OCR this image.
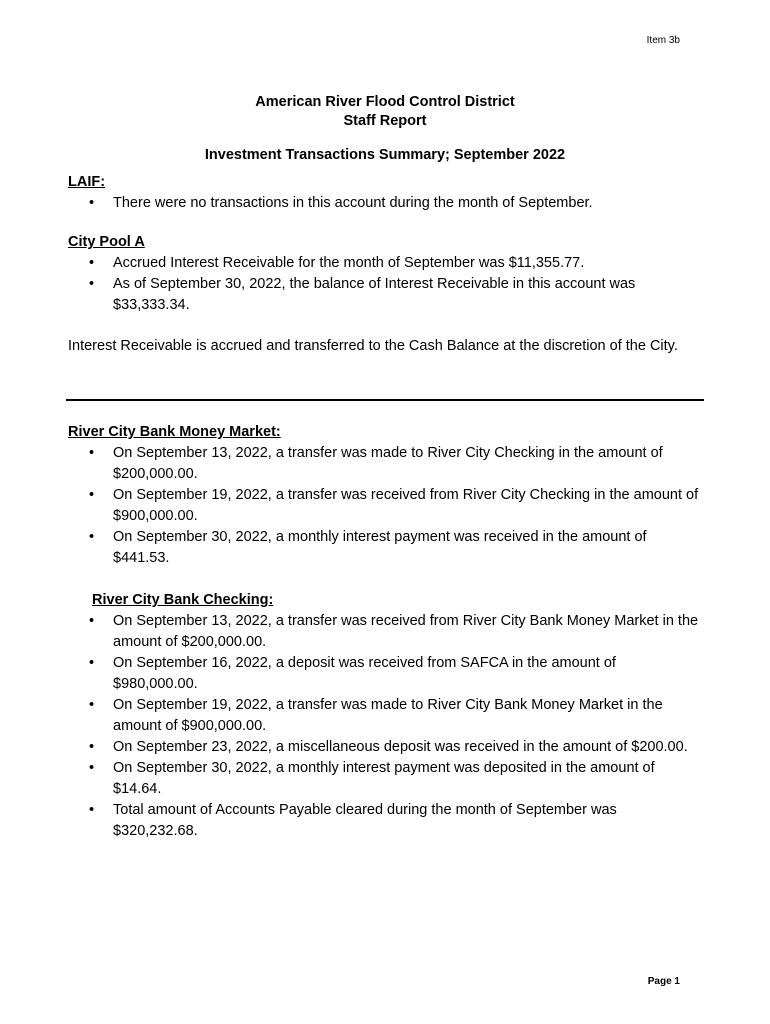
Item 3b
American River Flood Control District
Staff Report
Investment Transactions Summary; September 2022

LAIF:

• There were no transactions in this account during the month of September.

City Pool A

• Accrued Interest Receivable for the month of September was $11,355.77.
• As of September 30, 2022, the balance of Interest Receivable in this account was $33,333.34.

Interest Receivable is accrued and transferred to the Cash Balance at the discretion of the City.

River City Bank Money Market:

• On September 13, 2022, a transfer was made to River City Checking in the amount of $200,000.00.
• On September 19, 2022, a transfer was received from River City Checking in the amount of $900,000.00.
• On September 30, 2022, a monthly interest payment was received in the amount of $441.53.

River City Bank Checking:

• On September 13, 2022, a transfer was received from River City Bank Money Market in the amount of $200,000.00.
• On September 16, 2022, a deposit was received from SAFCA in the amount of $980,000.00.
• On September 19, 2022, a transfer was made to River City Bank Money Market in the amount of $900,000.00.
• On September 23, 2022, a miscellaneous deposit was received in the amount of $200.00.
• On September 30, 2022, a monthly interest payment was deposited in the amount of $14.64.
• Total amount of Accounts Payable cleared during the month of September was $320,232.68.
Page 1
